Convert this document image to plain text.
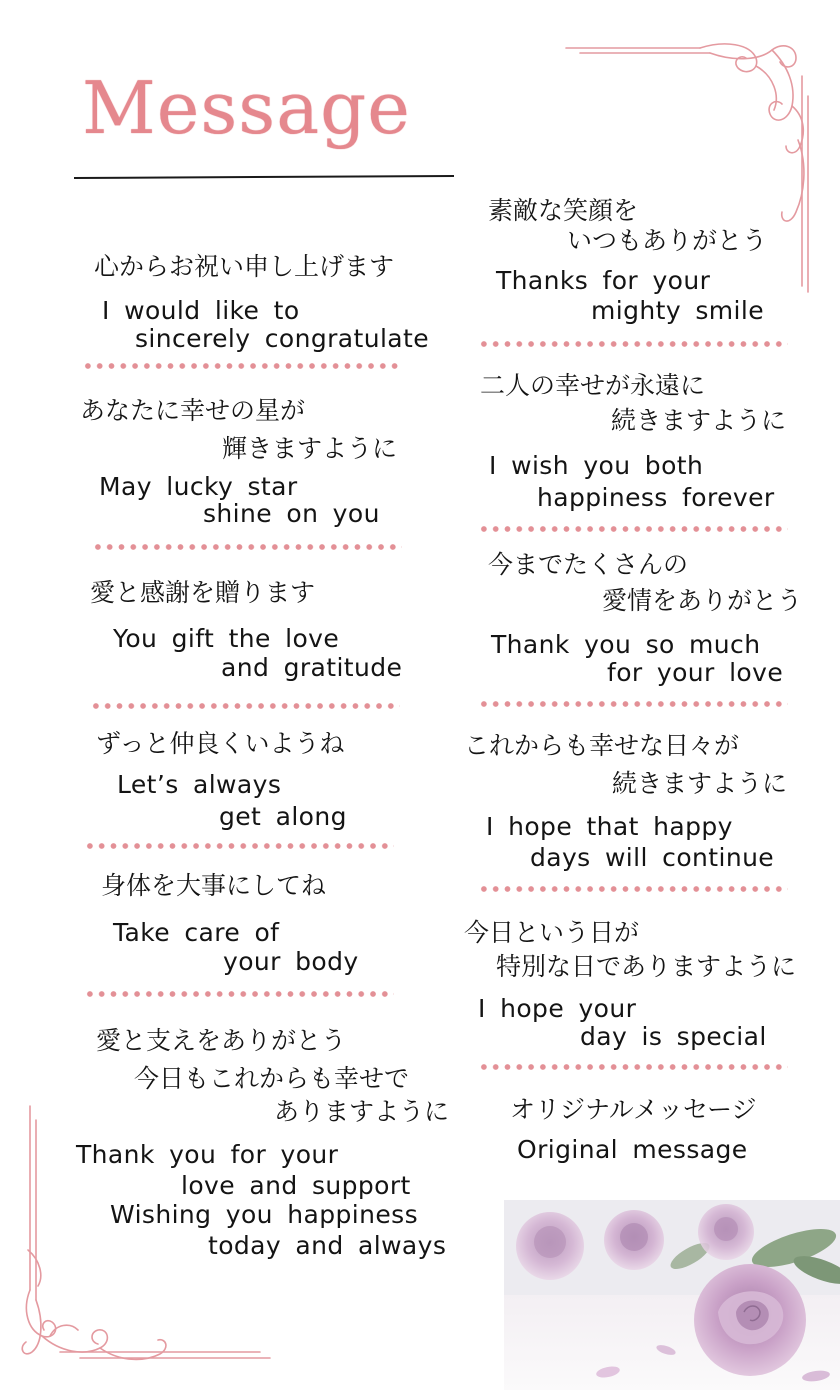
Message
心からお祝い申し上げます
I would like to
sincerely congratulate
あなたに幸せの星が
輝きますように
May lucky star
shine on you
愛と感謝を贈ります
You gift the love
and gratitude
ずっと仲良くいようね
Let’s always
get along
身体を大事にしてね
Take care of
your body
愛と支えをありがとう
今日もこれからも幸せで
ありますように
Thank you for your
love and support
Wishing you happiness
today and always
素敵な笑顔を
いつもありがとう
Thanks for your
mighty smile
二人の幸せが永遠に
続きますように
I wish you both
happiness forever
今までたくさんの
愛情をありがとう
Thank you so much
for your love
これからも幸せな日々が
続きますように
I hope that happy
days will continue
今日という日が
特別な日でありますように
I hope your
day is special
オリジナルメッセージ
Original message
